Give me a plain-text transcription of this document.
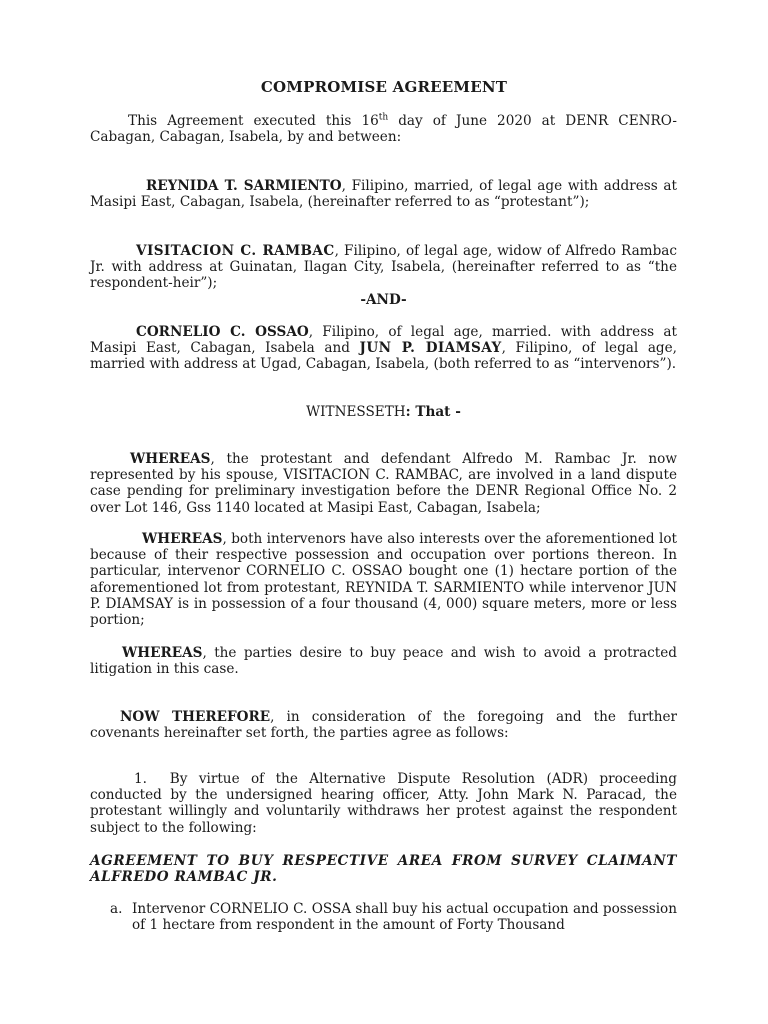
COMPROMISE AGREEMENT

This Agreement executed this 16th day of June 2020 at DENR CENRO-Cabagan, Cabagan, Isabela, by and between:

REYNIDA T. SARMIENTO, Filipino, married, of legal age with address at Masipi East, Cabagan, Isabela, (hereinafter referred to as “protestant”);

VISITACION C. RAMBAC, Filipino, of legal age, widow of Alfredo Rambac Jr. with address at Guinatan, Ilagan City, Isabela, (hereinafter referred to as “the respondent-heir”);

-AND-

CORNELIO C. OSSAO, Filipino, of legal age, married. with address at Masipi East, Cabagan, Isabela and JUN P. DIAMSAY, Filipino, of legal age, married with address at Ugad, Cabagan, Isabela, (both referred to as “intervenors”).

WITNESSETH: That -

WHEREAS, the protestant and defendant Alfredo M. Rambac Jr. now represented by his spouse, VISITACION C. RAMBAC, are involved in a land dispute case pending for preliminary investigation before the DENR Regional Office No. 2 over Lot 146, Gss 1140 located at Masipi East, Cabagan, Isabela;

WHEREAS, both intervenors have also interests over the aforementioned lot because of their respective possession and occupation over portions thereon. In particular, intervenor CORNELIO C. OSSAO bought one (1) hectare portion of the aforementioned lot from protestant, REYNIDA T. SARMIENTO while intervenor JUN P. DIAMSAY is in possession of a four thousand (4, 000) square meters, more or less portion;

WHEREAS, the parties desire to buy peace and wish to avoid a protracted litigation in this case.

NOW THEREFORE, in consideration of the foregoing and the further covenants hereinafter set forth, the parties agree as follows:

1. By virtue of the Alternative Dispute Resolution (ADR) proceeding conducted by the undersigned hearing officer, Atty. John Mark N. Paracad, the protestant willingly and voluntarily withdraws her protest against the respondent subject to the following:

AGREEMENT TO BUY RESPECTIVE AREA FROM SURVEY CLAIMANT ALFREDO RAMBAC JR.

a. Intervenor CORNELIO C. OSSA shall buy his actual occupation and possession of 1 hectare from respondent in the amount of Forty Thousand
